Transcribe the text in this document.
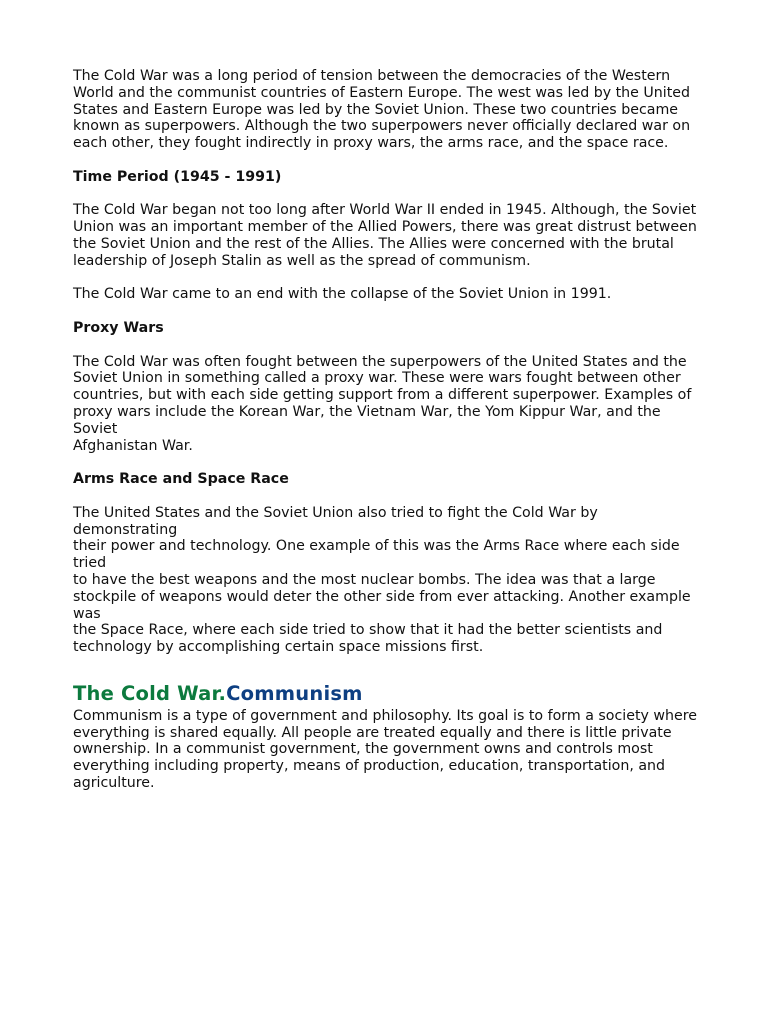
The Cold War was a long period of tension between the democracies of the Western
World and the communist countries of Eastern Europe. The west was led by the United
States and Eastern Europe was led by the Soviet Union. These two countries became
known as superpowers. Although the two superpowers never officially declared war on
each other, they fought indirectly in proxy wars, the arms race, and the space race.

Time Period (1945 - 1991)

The Cold War began not too long after World War II ended in 1945. Although, the Soviet
Union was an important member of the Allied Powers, there was great distrust between
the Soviet Union and the rest of the Allies. The Allies were concerned with the brutal
leadership of Joseph Stalin as well as the spread of communism.

The Cold War came to an end with the collapse of the Soviet Union in 1991.

Proxy Wars

The Cold War was often fought between the superpowers of the United States and the
Soviet Union in something called a proxy war. These were wars fought between other
countries, but with each side getting support from a different superpower. Examples of
proxy wars include the Korean War, the Vietnam War, the Yom Kippur War, and the Soviet
Afghanistan War.

Arms Race and Space Race

The United States and the Soviet Union also tried to fight the Cold War by demonstrating
their power and technology. One example of this was the Arms Race where each side tried
to have the best weapons and the most nuclear bombs. The idea was that a large
stockpile of weapons would deter the other side from ever attacking. Another example was
the Space Race, where each side tried to show that it had the better scientists and
technology by accomplishing certain space missions first.

The Cold War.Communism

Communism is a type of government and philosophy. Its goal is to form a society where
everything is shared equally. All people are treated equally and there is little private
ownership. In a communist government, the government owns and controls most
everything including property, means of production, education, transportation, and
agriculture.
